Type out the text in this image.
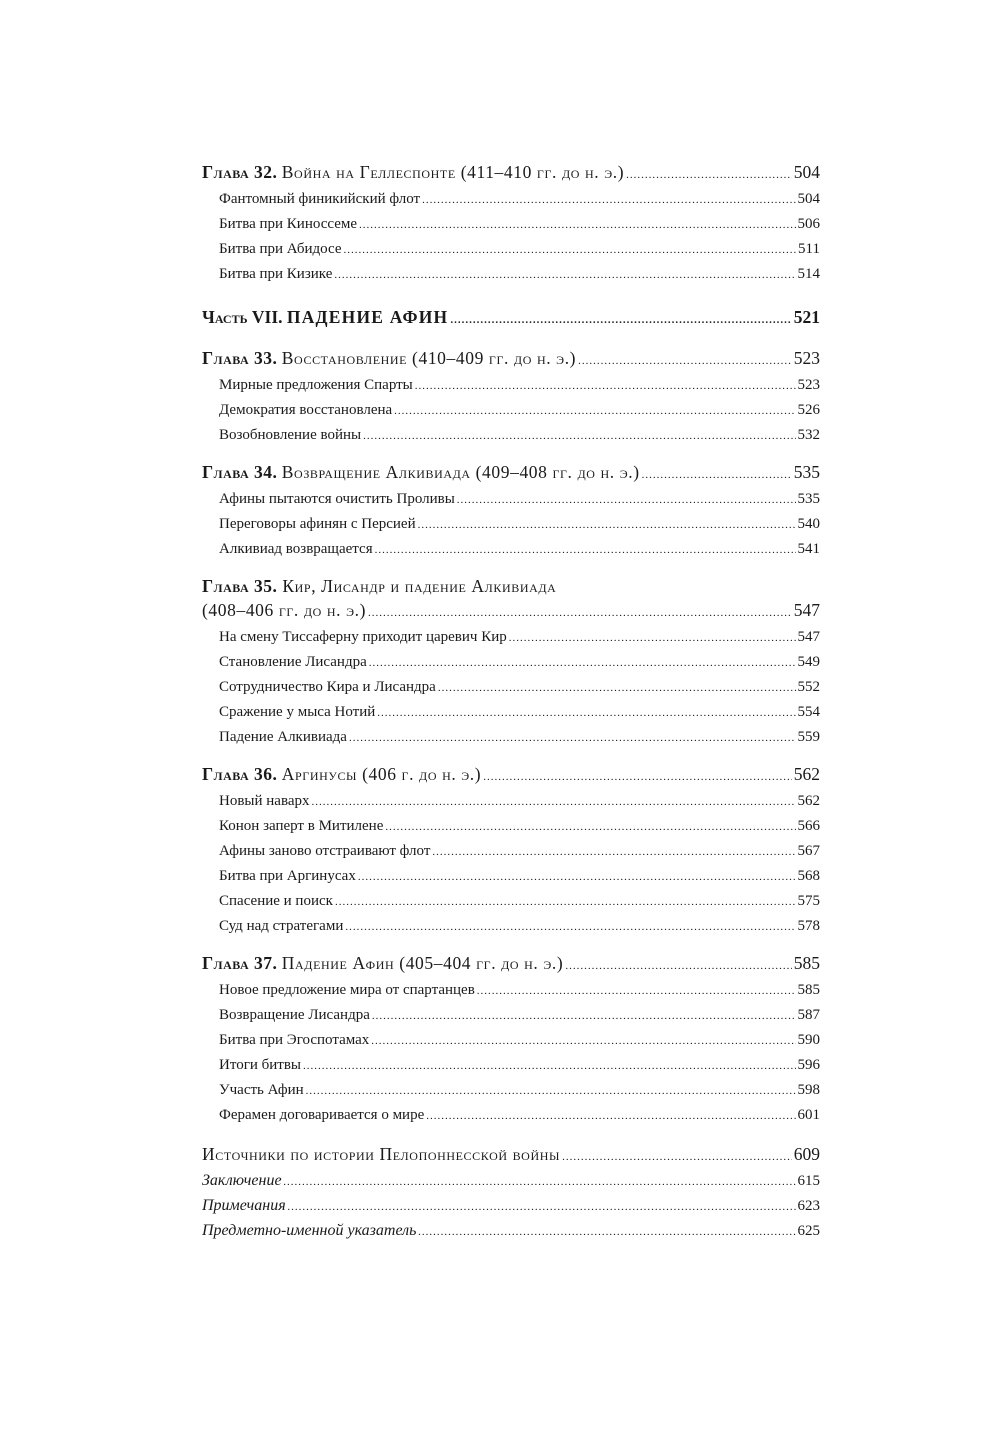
Глава 32. Война на Геллеспонте (411–410 гг. до н. э.) .....	504
Фантомный финикийский флот .....	504
Битва при Киноссеме .....	506
Битва при Абидосе .....	511
Битва при Кизике .....	514
Часть VII. ПАДЕНИЕ АФИН .....	521
Глава 33. Восстановление (410–409 гг. до н. э.) .....	523
Мирные предложения Спарты .....	523
Демократия восстановлена .....	526
Возобновление войны .....	532
Глава 34. Возвращение Алкивиада (409–408 гг. до н. э.) .....	535
Афины пытаются очистить Проливы .....	535
Переговоры афинян с Персией .....	540
Алкивиад возвращается .....	541
Глава 35. Кир, Лисандр и падение Алкивиада
(408–406 гг. до н. э.) .....	547
На смену Тиссаферну приходит царевич Кир .....	547
Становление Лисандра .....	549
Сотрудничество Кира и Лисандра .....	552
Сражение у мыса Нотий .....	554
Падение Алкивиада .....	559
Глава 36. Аргинусы (406 г. до н. э.) .....	562
Новый наварх .....	562
Конон заперт в Митилене .....	566
Афины заново отстраивают флот .....	567
Битва при Аргинусах .....	568
Спасение и поиск .....	575
Суд над стратегами .....	578
Глава 37. Падение Афин (405–404 гг. до н. э.) .....	585
Новое предложение мира от спартанцев .....	585
Возвращение Лисандра .....	587
Битва при Эгоспотамах .....	590
Итоги битвы .....	596
Участь Афин .....	598
Ферамен договаривается о мире .....	601
Источники по истории Пелопоннесской войны .....	609
Заключение .....	615
Примечания .....	623
Предметно-именной указатель .....	625
